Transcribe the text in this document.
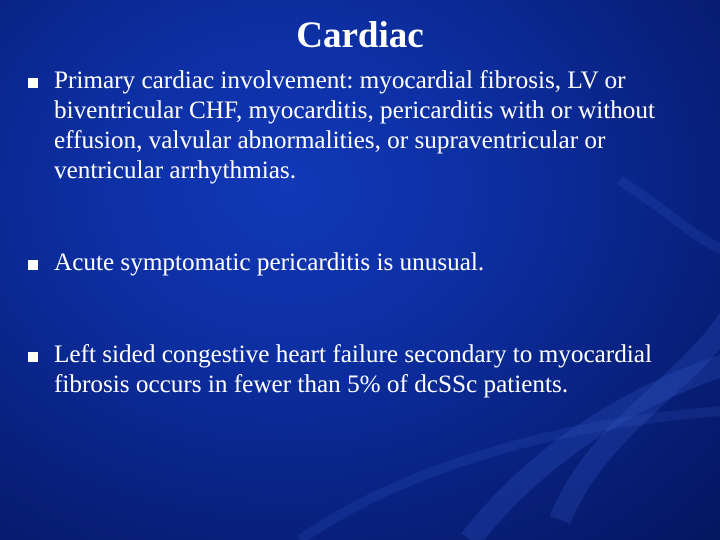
Cardiac
Primary cardiac involvement: myocardial fibrosis, LV or biventricular CHF, myocarditis, pericarditis with or without effusion, valvular abnormalities, or supraventricular or ventricular arrhythmias.
Acute symptomatic pericarditis is unusual.
Left sided congestive heart failure secondary to myocardial fibrosis occurs in fewer than 5% of dcSSc patients.
